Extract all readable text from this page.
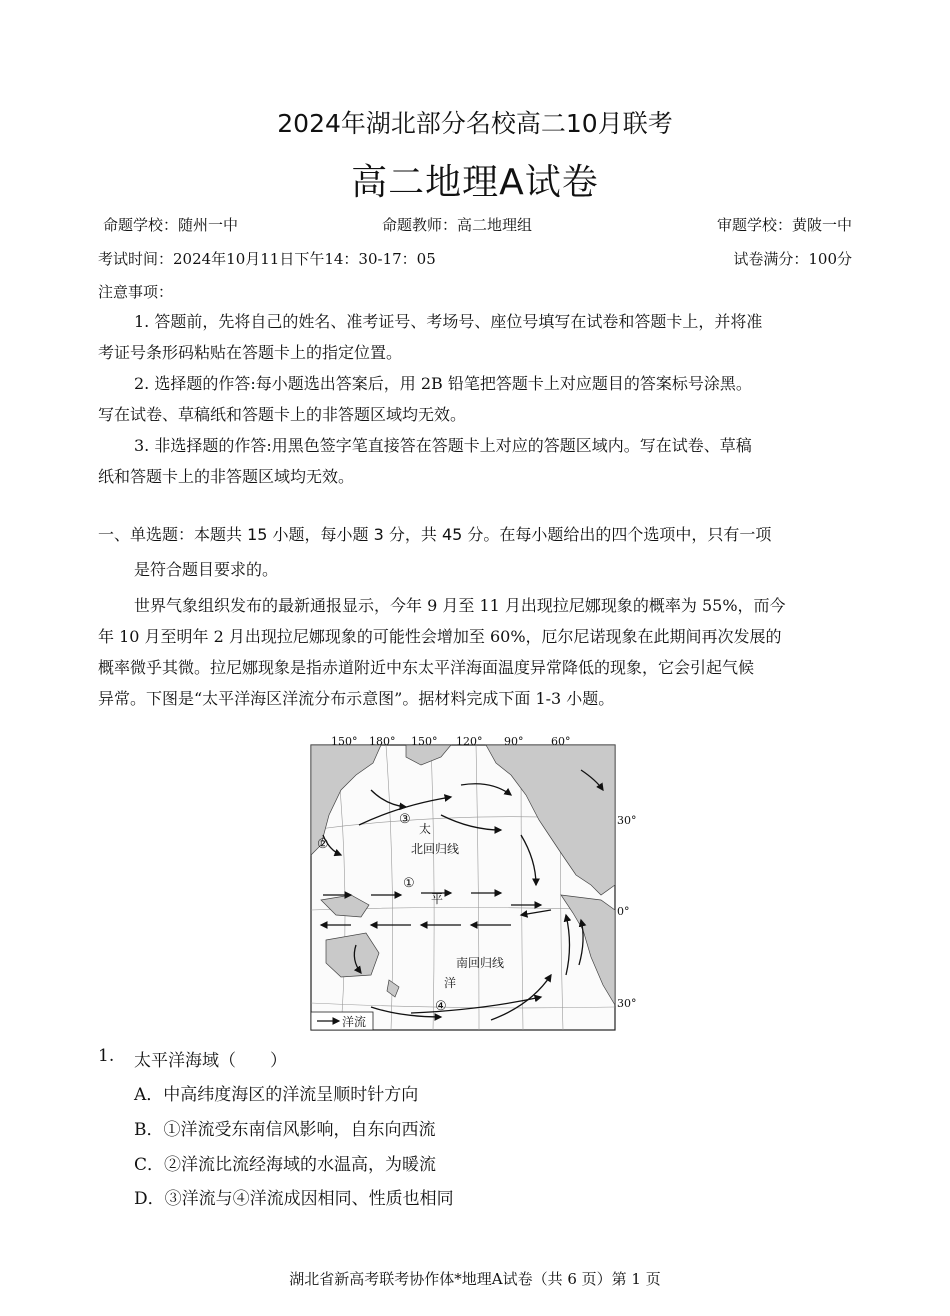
2024年湖北部分名校高二10月联考
高二地理A试卷
命题学校：随州一中	命题教师：高二地理组	审题学校：黄陂一中
考试时间：2024年10月11日下午14：30-17：05	试卷满分：100分
注意事项：
1. 答题前，先将自己的姓名、准考证号、考场号、座位号填写在试卷和答题卡上，并将准
考证号条形码粘贴在答题卡上的指定位置。
2. 选择题的作答:每小题选出答案后，用 2B 铅笔把答题卡上对应题目的答案标号涂黑。
写在试卷、草稿纸和答题卡上的非答题区域均无效。
3. 非选择题的作答:用黑色签字笔直接答在答题卡上对应的答题区域内。写在试卷、草稿
纸和答题卡上的非答题区域均无效。
一、单选题：本题共 15 小题，每小题 3 分，共 45 分。在每小题给出的四个选项中，只有一项
是符合题目要求的。
世界气象组织发布的最新通报显示，今年 9 月至 11 月出现拉尼娜现象的概率为 55%，而今
年 10 月至明年 2 月出现拉尼娜现象的可能性会增加至 60%，厄尔尼诺现象在此期间再次发展的
概率微乎其微。拉尼娜现象是指赤道附近中东太平洋海面温度异常降低的现象，它会引起气候
异常。下图是“太平洋海区洋流分布示意图”。据材料完成下面 1-3 小题。
150° 180° 150° 120° 90°	60°
30°
0°
30°
太
北回归线
平
南回归线
洋
①
②
③
④
洋流
1. 太平洋海域（　　）
A．中高纬度海区的洋流呈顺时针方向
B．①洋流受东南信风影响，自东向西流
C．②洋流比流经海域的水温高，为暖流
D．③洋流与④洋流成因相同、性质也相同
湖北省新高考联考协作体*地理A试卷（共 6 页）第 1 页
